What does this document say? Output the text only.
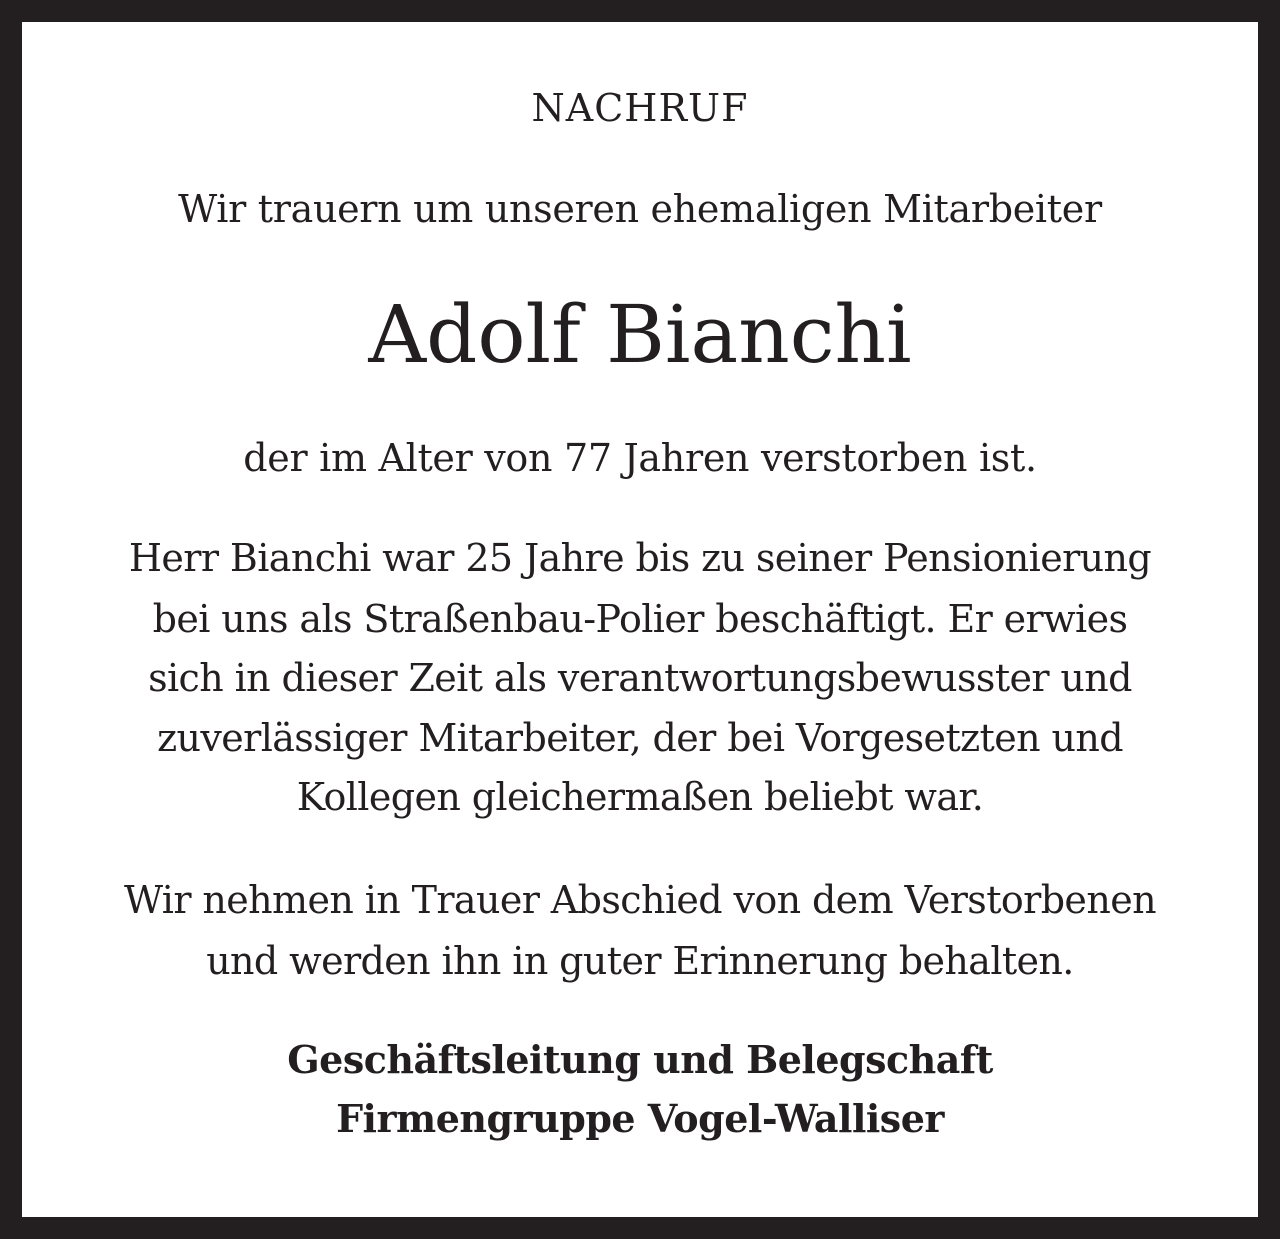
NACHRUF

Wir trauern um unseren ehemaligen Mitarbeiter

Adolf Bianchi

der im Alter von 77 Jahren verstorben ist.

Herr Bianchi war 25 Jahre bis zu seiner Pensionierung

bei uns als Straßenbau-Polier beschäftigt. Er erwies

sich in dieser Zeit als verantwortungsbewusster und

zuverlässiger Mitarbeiter, der bei Vorgesetzten und

Kollegen gleichermaßen beliebt war.

Wir nehmen in Trauer Abschied von dem Verstorbenen

und werden ihn in guter Erinnerung behalten.

Geschäftsleitung und Belegschaft

Firmengruppe Vogel-Walliser
